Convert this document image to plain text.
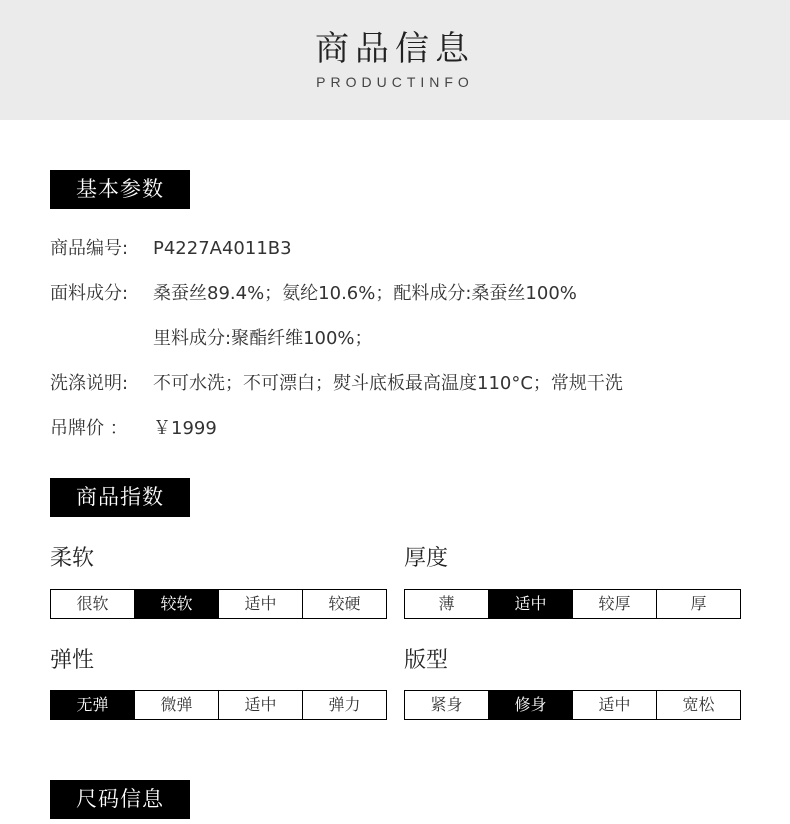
商品信息
PRODUCTINFO
基本参数
商品编号: P4227A4011B3
面料成分: 桑蚕丝89.4%；氨纶10.6%；配料成分:桑蚕丝100%
里料成分:聚酯纤维100%；
洗涤说明: 不可水洗；不可漂白；熨斗底板最高温度110°C；常规干洗
吊牌价 ： ￥1999
商品指数
柔软
很软	较软	适中	较硬
厚度
薄	适中	较厚	厚
弹性
无弹	微弹	适中	弹力
版型
紧身	修身	适中	宽松
尺码信息
